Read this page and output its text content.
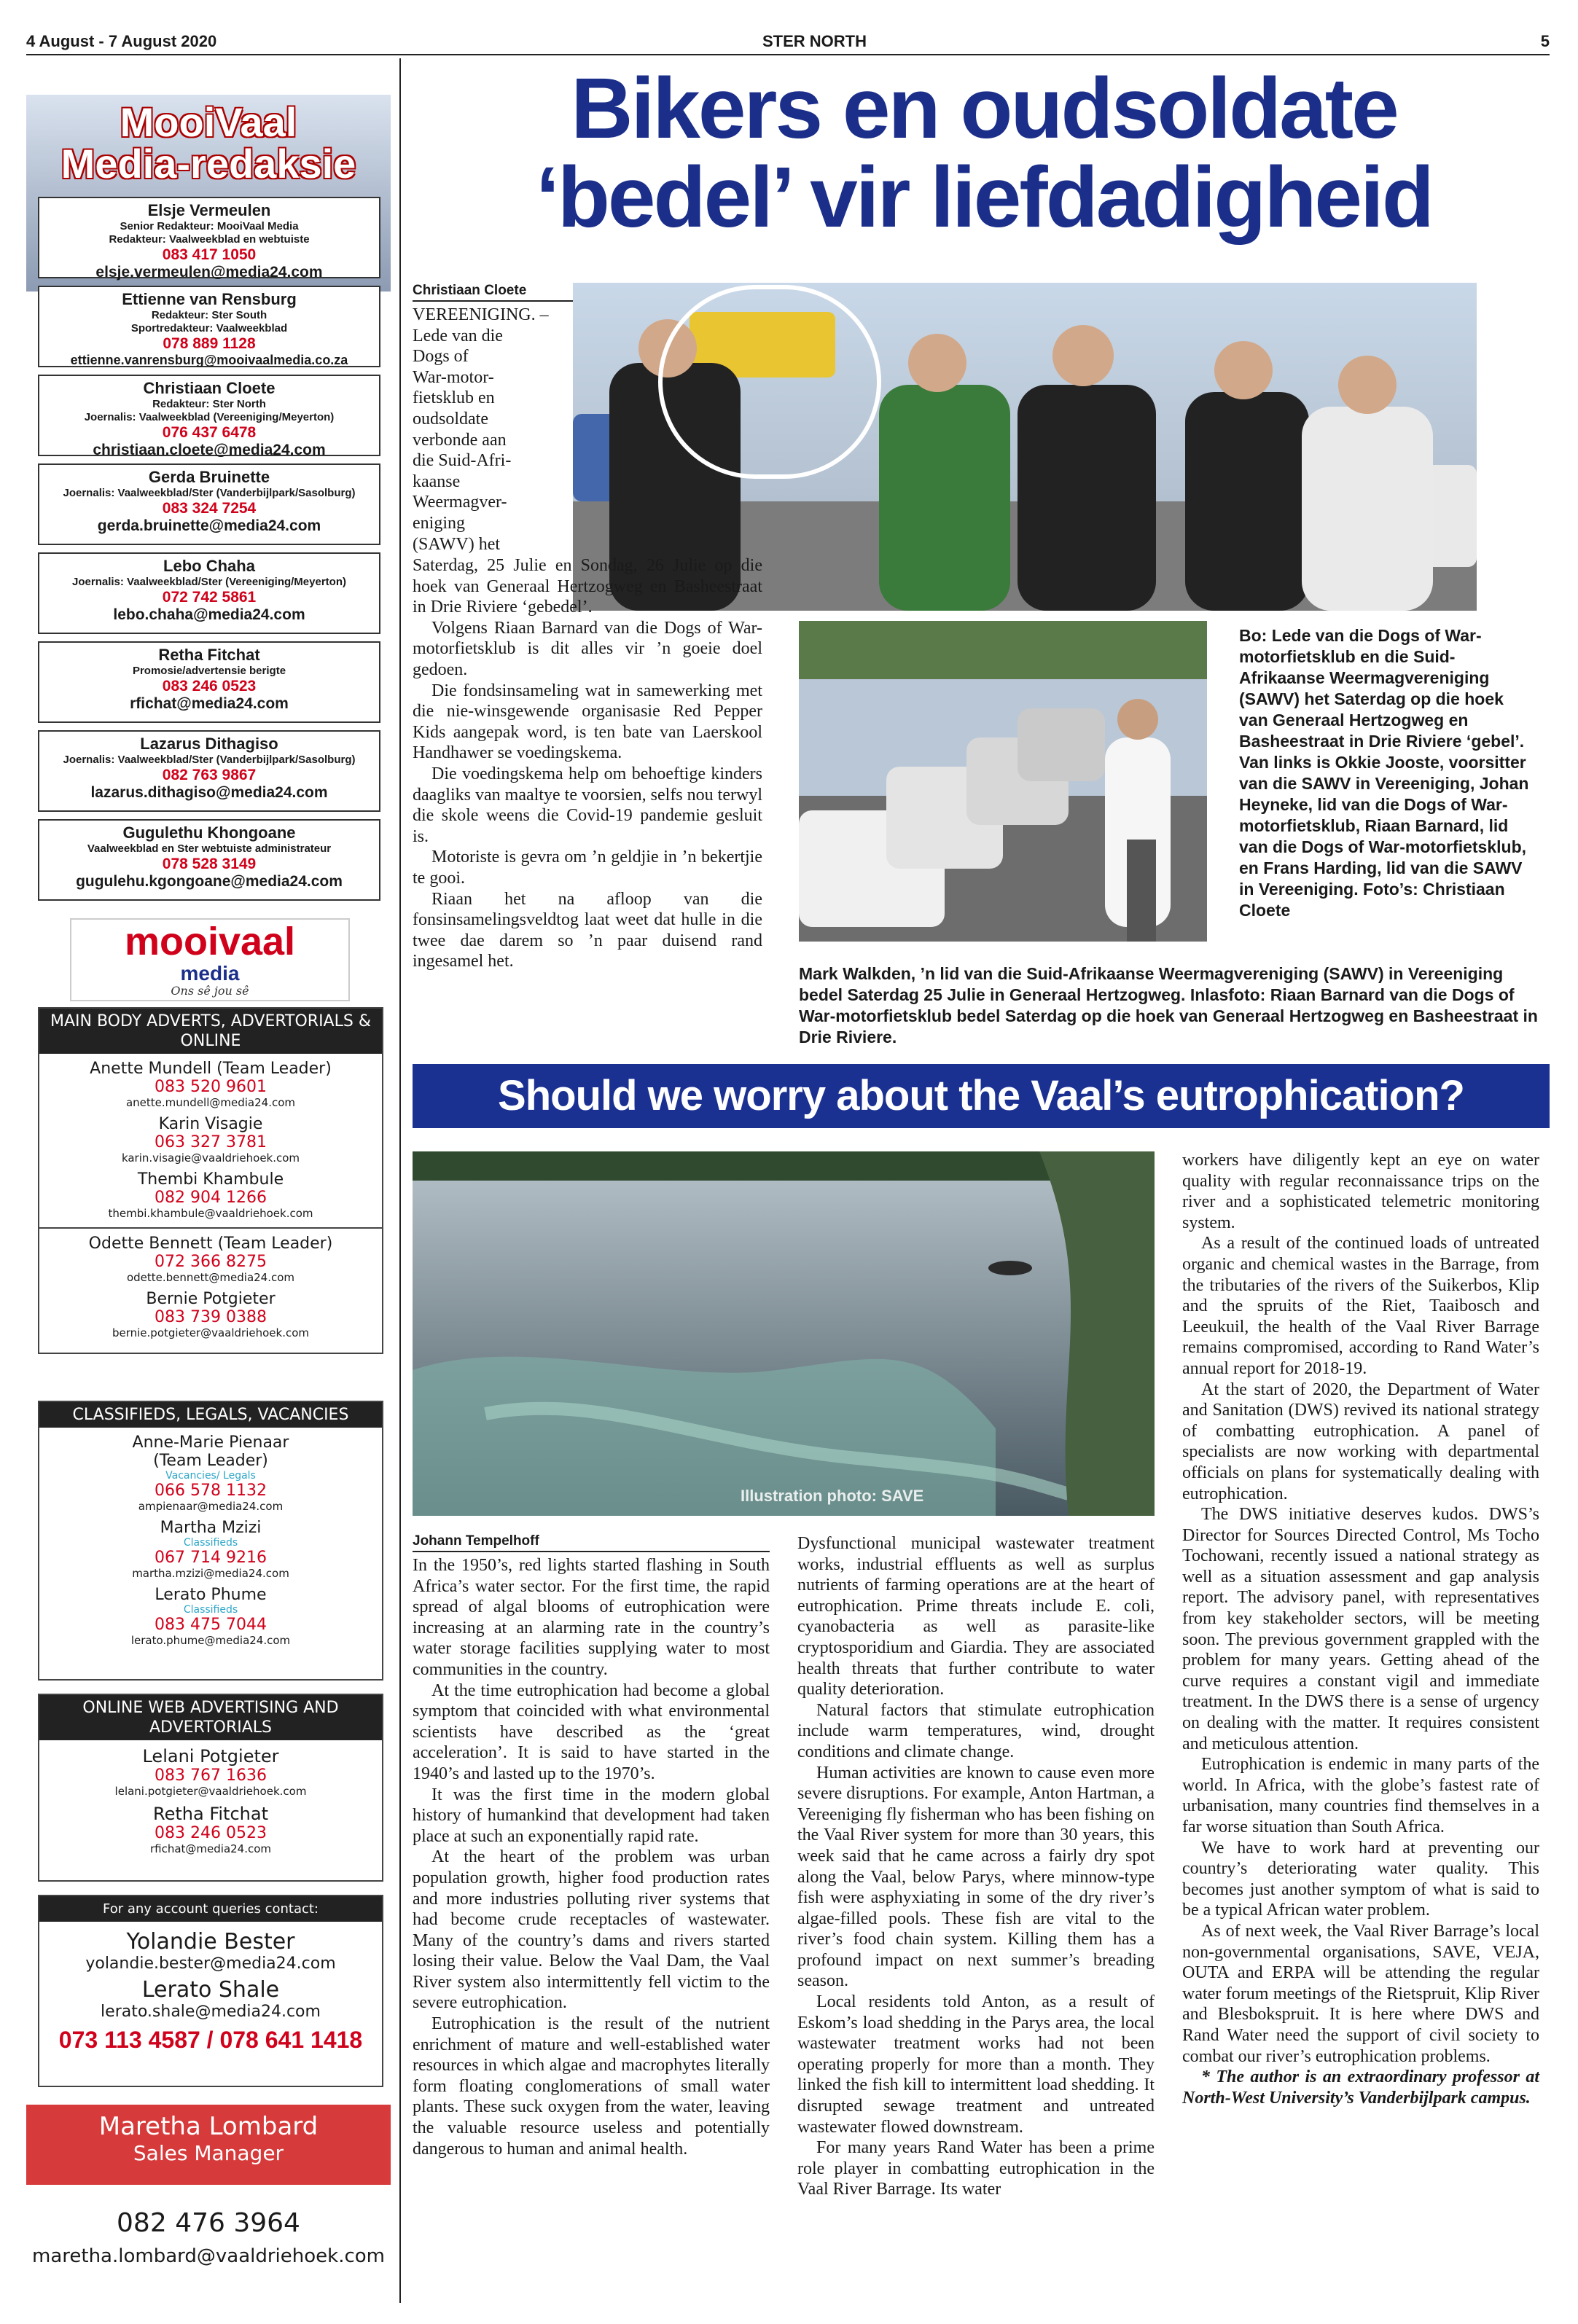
4 August - 7 August 2020	STER NORTH	5
MooiVaal
Media-redaksie
Elsje Vermeulen
Senior Redakteur: MooiVaal Media
Redakteur: Vaalweekblad en webtuiste
083 417 1050
elsje.vermeulen@media24.com
Ettienne van Rensburg
Redakteur: Ster South
Sportredakteur: Vaalweekblad
078 889 1128
ettienne.vanrensburg@mooivaalmedia.co.za
Christiaan Cloete
Redakteur: Ster North
Joernalis: Vaalweekblad (Vereeniging/Meyerton)
076 437 6478
christiaan.cloete@media24.com
Gerda Bruinette
Joernalis: Vaalweekblad/Ster (Vanderbijlpark/Sasolburg)
083 324 7254
gerda.bruinette@media24.com
Lebo Chaha
Joernalis: Vaalweekblad/Ster (Vereeniging/Meyerton)
072 742 5861
lebo.chaha@media24.com
Retha Fitchat
Promosie/advertensie berigte
083 246 0523
rfichat@media24.com
Lazarus Dithagiso
Joernalis: Vaalweekblad/Ster (Vanderbijlpark/Sasolburg)
082 763 9867
lazarus.dithagiso@media24.com
Gugulethu Khongoane
Vaalweekblad en Ster webtuiste administrateur
078 528 3149
gugulehu.kgongoane@media24.com
mooivaal
media
Ons sê jou sê
MAIN BODY ADVERTS, ADVERTORIALS & ONLINE
Anette Mundell (Team Leader)
083 520 9601
anette.mundell@media24.com
Karin Visagie
063 327 3781
karin.visagie@vaaldriehoek.com
Thembi Khambule
082 904 1266
thembi.khambule@vaaldriehoek.com
Odette Bennett (Team Leader)
072 366 8275
odette.bennett@media24.com
Bernie Potgieter
083 739 0388
bernie.potgieter@vaaldriehoek.com
CLASSIFIEDS, LEGALS, VACANCIES
Anne-Marie Pienaar
(Team Leader)
Vacancies/ Legals
066 578 1132
ampienaar@media24.com
Martha Mzizi
Classifieds
067 714 9216
martha.mzizi@media24.com
Lerato Phume
Classifieds
083 475 7044
lerato.phume@media24.com
ONLINE WEB ADVERTISING AND ADVERTORIALS
Lelani Potgieter
083 767 1636
lelani.potgieter@vaaldriehoek.com
Retha Fitchat
083 246 0523
rfichat@media24.com
For any account queries contact:
Yolandie Bester
yolandie.bester@media24.com
Lerato Shale
lerato.shale@media24.com
073 113 4587 / 078 641 1418
Maretha Lombard
Sales Manager
082 476 3964
maretha.lombard@vaaldriehoek.com
Bikers en oudsoldate
‘bedel’ vir liefdadigheid
Christiaan Cloete
VEREENIGING. –
Lede van die
Dogs of
War-motor-
fietsklub en
oudsoldate
verbonde aan
die Suid-Afri-
kaanse
Weermagver-
eniging
(SAWV) het
Bo: Lede van die Dogs of War-motorfietsklub en die Suid-Afrikaanse Weermagvereniging (SAWV) het Saterdag op die hoek van Generaal Hertzogweg en Basheestraat in Drie Riviere ‘gebel’. Van links is Okkie Jooste, voorsitter van die SAWV in Vereeniging, Johan Heyneke, lid van die Dogs of War-motorfietsklub, Riaan Barnard, lid van die Dogs of War-motorfietsklub, en Frans Harding, lid van die SAWV in Vereeniging. Foto’s: Christiaan Cloete

Saterdag, 25 Julie en Sondag, 26 Julie op die hoek van Generaal Hertzogweg en Basheestraat in Drie Riviere ‘gebedel’.

Volgens Riaan Barnard van die Dogs of War-motorfietsklub is dit alles vir ’n goeie doel gedoen.

Die fondsinsameling wat in samewerking met die nie-winsgewende organisasie Red Pepper Kids aangepak word, is ten bate van Laerskool Handhawer se voedingskema.

Die voedingskema help om behoeftige kinders daagliks van maaltye te voorsien, selfs nou terwyl die skole weens die Covid-19 pandemie gesluit is.

Motoriste is gevra om ’n geldjie in ’n bekertjie te gooi.

Riaan het na afloop van die fonsinsamelingsveldtog laat weet dat hulle in die twee dae darem so ’n paar duisend rand ingesamel het.

Mark Walkden, ’n lid van die Suid-Afrikaanse Weermagvereniging (SAWV) in Vereeniging bedel Saterdag 25 Julie in Generaal Hertzogweg. Inlasfoto: Riaan Barnard van die Dogs of War-motorfietsklub bedel Saterdag op die hoek van Generaal Hertzogweg en Basheestraat in Drie Riviere.
Should we worry about the Vaal’s eutrophication?
Illustration photo: SAVE
Johann Tempelhoff

In the 1950’s, red lights started flashing in South Africa’s water sector. For the first time, the rapid spread of algal blooms of eutrophication were increasing at an alarming rate in the country’s water storage facilities supplying water to most communities in the country.

At the time eutrophication had become a global symptom that coincided with what environmental scientists have described as the ‘great acceleration’. It is said to have started in the 1940’s and lasted up to the 1970’s.

It was the first time in the modern global history of humankind that development had taken place at such an exponentially rapid rate.

At the heart of the problem was urban population growth, higher food production rates and more industries polluting river systems that had become crude receptacles of wastewater. Many of the country’s dams and rivers started losing their value. Below the Vaal Dam, the Vaal River system also intermittently fell victim to the severe eutrophication.

Eutrophication is the result of the nutrient enrichment of mature and well-established water resources in which algae and macrophytes literally form floating conglomerations of small water plants. These suck oxygen from the water, leaving the valuable resource useless and potentially dangerous to human and animal health.

Dysfunctional municipal wastewater treatment works, industrial effluents as well as surplus nutrients of farming operations are at the heart of eutrophication. Prime threats include E. coli, cyanobacteria as well as parasite-like cryptosporidium and Giardia. They are associated health threats that further contribute to water quality deterioration.

Natural factors that stimulate eutrophication include warm temperatures, wind, drought conditions and climate change.

Human activities are known to cause even more severe disruptions. For example, Anton Hartman, a Vereeniging fly fisherman who has been fishing on the Vaal River system for more than 30 years, this week said that he came across a fairly dry spot along the Vaal, below Parys, where minnow-type fish were asphyxiating in some of the dry river’s algae-filled pools. These fish are vital to the river’s food chain system. Killing them has a profound impact on next summer’s breading season.

Local residents told Anton, as a result of Eskom’s load shedding in the Parys area, the local wastewater treatment works had not been operating properly for more than a month. They linked the fish kill to intermittent load shedding. It disrupted sewage treatment and untreated wastewater flowed downstream.

For many years Rand Water has been a prime role player in combatting eutrophication in the Vaal River Barrage. Its water

workers have diligently kept an eye on water quality with regular reconnaissance trips on the river and a sophisticated telemetric monitoring system.

As a result of the continued loads of untreated organic and chemical wastes in the Barrage, from the tributaries of the rivers of the Suikerbos, Klip and the spruits of the Riet, Taaibosch and Leeukuil, the health of the Vaal River Barrage remains compromised, according to Rand Water’s annual report for 2018-19.

At the start of 2020, the Department of Water and Sanitation (DWS) revived its national strategy of combatting eutrophication. A panel of specialists are now working with departmental officials on plans for systematically dealing with eutrophication.

The DWS initiative deserves kudos. DWS’s Director for Sources Directed Control, Ms Tocho Tochowani, recently issued a national strategy as well as a situation assessment and gap analysis report. The advisory panel, with representatives from key stakeholder sectors, will be meeting soon. The previous government grappled with the problem for many years. Getting ahead of the curve requires a constant vigil and immediate treatment. In the DWS there is a sense of urgency on dealing with the matter. It requires consistent and meticulous attention.

Eutrophication is endemic in many parts of the world. In Africa, with the globe’s fastest rate of urbanisation, many countries find themselves in a far worse situation than South Africa.

We have to work hard at preventing our country’s deteriorating water quality. This becomes just another symptom of what is said to be a typical African water problem.

As of next week, the Vaal River Barrage’s local non-governmental organisations, SAVE, VEJA, OUTA and ERPA will be attending the regular water forum meetings of the Rietspruit, Klip River and Blesbokspruit. It is here where DWS and Rand Water need the support of civil society to combat our river’s eutrophication problems.

* The author is an extraordinary professor at North-West University’s Vanderbijlpark campus.
